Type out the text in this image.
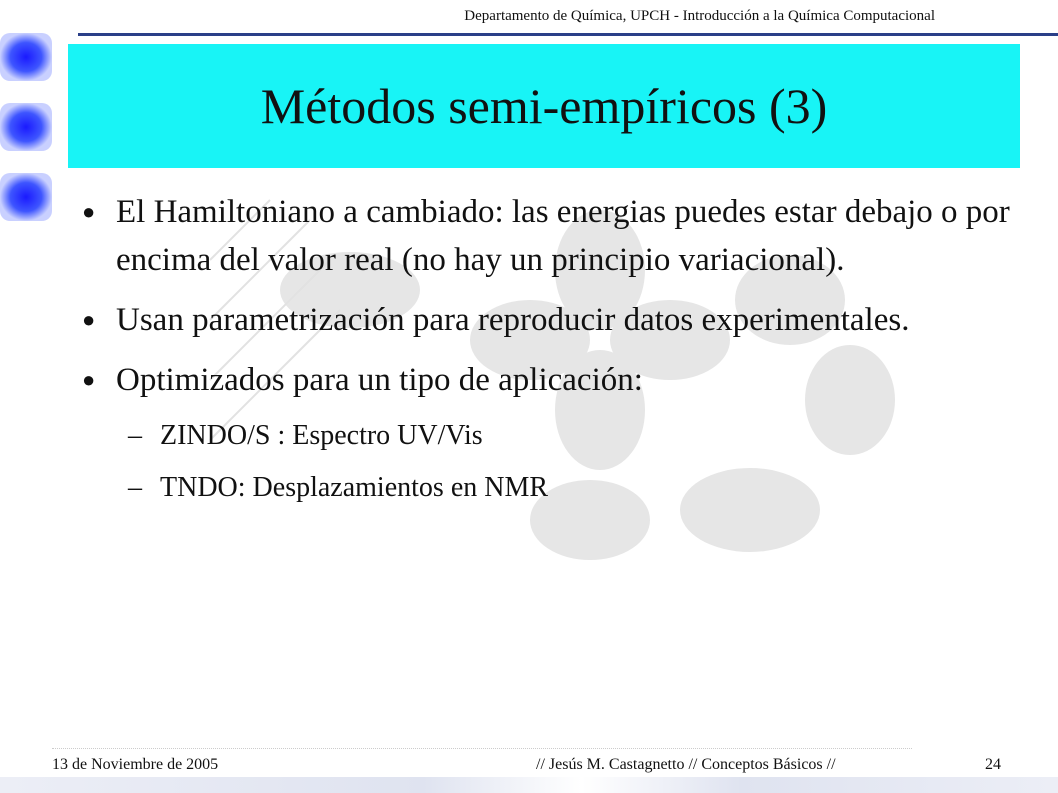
Departamento de Química, UPCH - Introducción a la Química Computacional
Métodos semi-empíricos (3)
● El Hamiltoniano a cambiado: las energias puedes estar debajo o por encima del valor real (no hay un principio variacional).
● Usan parametrización para reproducir datos experimentales.
● Optimizados para un tipo de aplicación:
– ZINDO/S : Espectro UV/Vis
– TNDO: Desplazamientos en NMR
13 de Noviembre de 2005	// Jesús M. Castagnetto // Conceptos Básicos //	24
